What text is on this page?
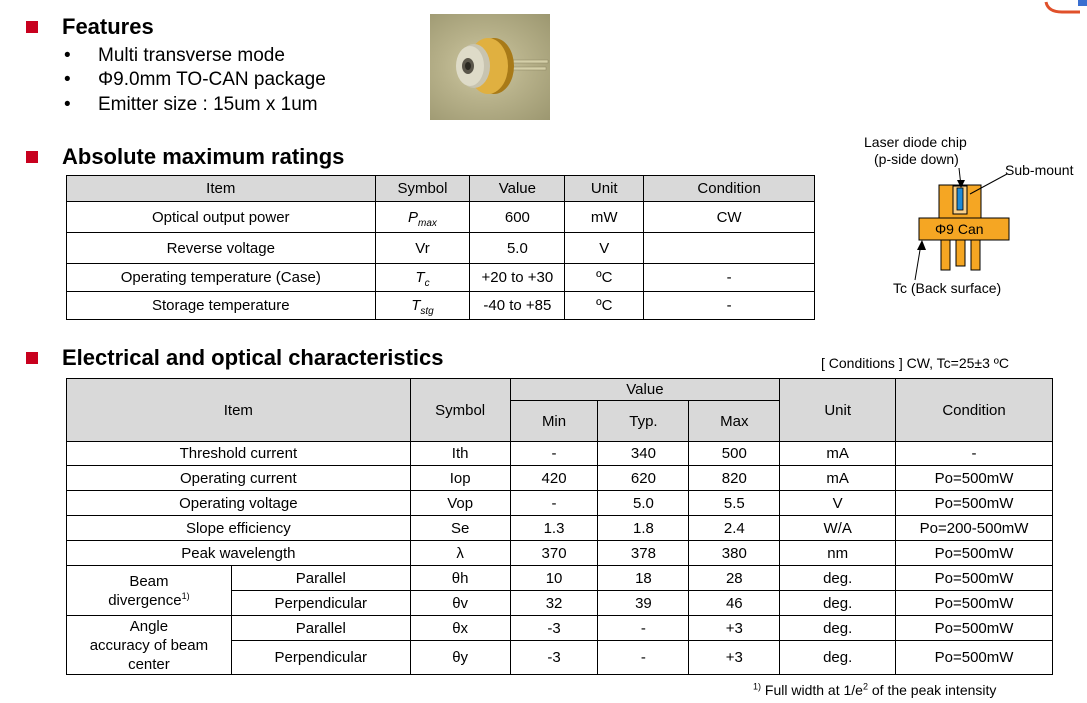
Features
• Multi transverse mode
• Φ9.0mm TO-CAN package
• Emitter size : 15um x 1um
Absolute maximum ratings
Item	Symbol	Value	Unit	Condition
Optical output power	$P_{max}$	600	mW	CW
Reverse voltage	Vr	5.0	V	
Operating temperature (Case)	$T_c$	+20 to +30	ºC	-
Storage temperature	$T_{stg}$	-40 to +85	ºC	-
Laser diode chip
(p-side down)
Sub-mount
Φ9 Can
Tc (Back surface)
Electrical and optical characteristics	[ Conditions ] CW, Tc=25±3 ºC
Item		Symbol	Value			Unit	Condition
			Min	Typ.	Max		
Threshold current		Ith	-	340	500	mA	-
Operating current		Iop	420	620	820	mA	Po=500mW
Operating voltage		Vop	-	5.0	5.5	V	Po=500mW
Slope efficiency		Se	1.3	1.8	2.4	W/A	Po=200-500mW
Peak wavelength		λ	370	378	380	nm	Po=500mW
Beam
divergence$^{1)}$	Parallel	θh	10	18	28	deg.	Po=500mW
	Perpendicular	θv	32	39	46	deg.	Po=500mW
Angle
accuracy of beam
center	Parallel	θx	-3	-	+3	deg.	Po=500mW
	Perpendicular	θy	-3	-	+3	deg.	Po=500mW
$^{1)}$ Full width at $1/e^2$ of the peak intensity
